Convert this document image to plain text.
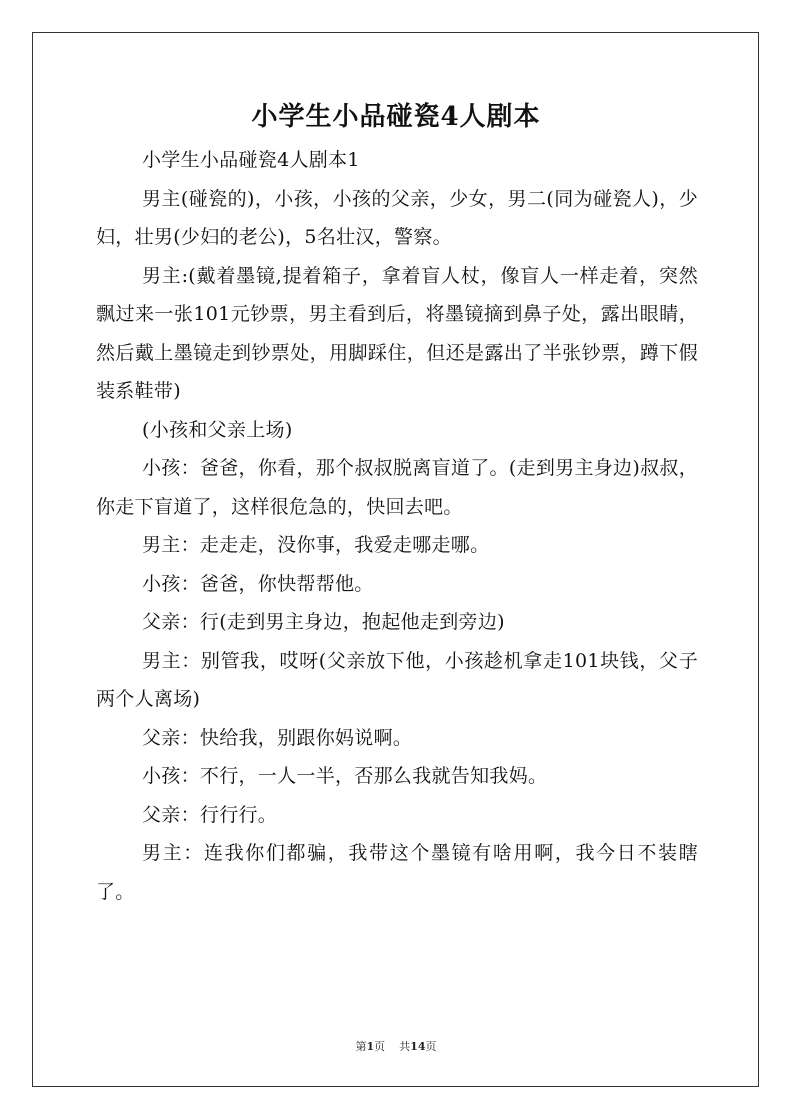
小学生小品碰瓷4人剧本

小学生小品碰瓷4人剧本1

男主(碰瓷的)，小孩，小孩的父亲，少女，男二(同为碰瓷人)，少妇，壮男(少妇的老公)，5名壮汉，警察。

男主:(戴着墨镜,提着箱子，拿着盲人杖，像盲人一样走着，突然飘过来一张101元钞票，男主看到后，将墨镜摘到鼻子处，露出眼睛，然后戴上墨镜走到钞票处，用脚踩住，但还是露出了半张钞票，蹲下假装系鞋带)

(小孩和父亲上场)

小孩：爸爸，你看，那个叔叔脱离盲道了。(走到男主身边)叔叔，你走下盲道了，这样很危急的，快回去吧。

男主：走走走，没你事，我爱走哪走哪。

小孩：爸爸，你快帮帮他。

父亲：行(走到男主身边，抱起他走到旁边)

男主：别管我，哎呀(父亲放下他，小孩趁机拿走101块钱，父子两个人离场)

父亲：快给我，别跟你妈说啊。

小孩：不行，一人一半，否那么我就告知我妈。

父亲：行行行。

男主：连我你们都骗，我带这个墨镜有啥用啊，我今日不装瞎了。

第1页 共14页
